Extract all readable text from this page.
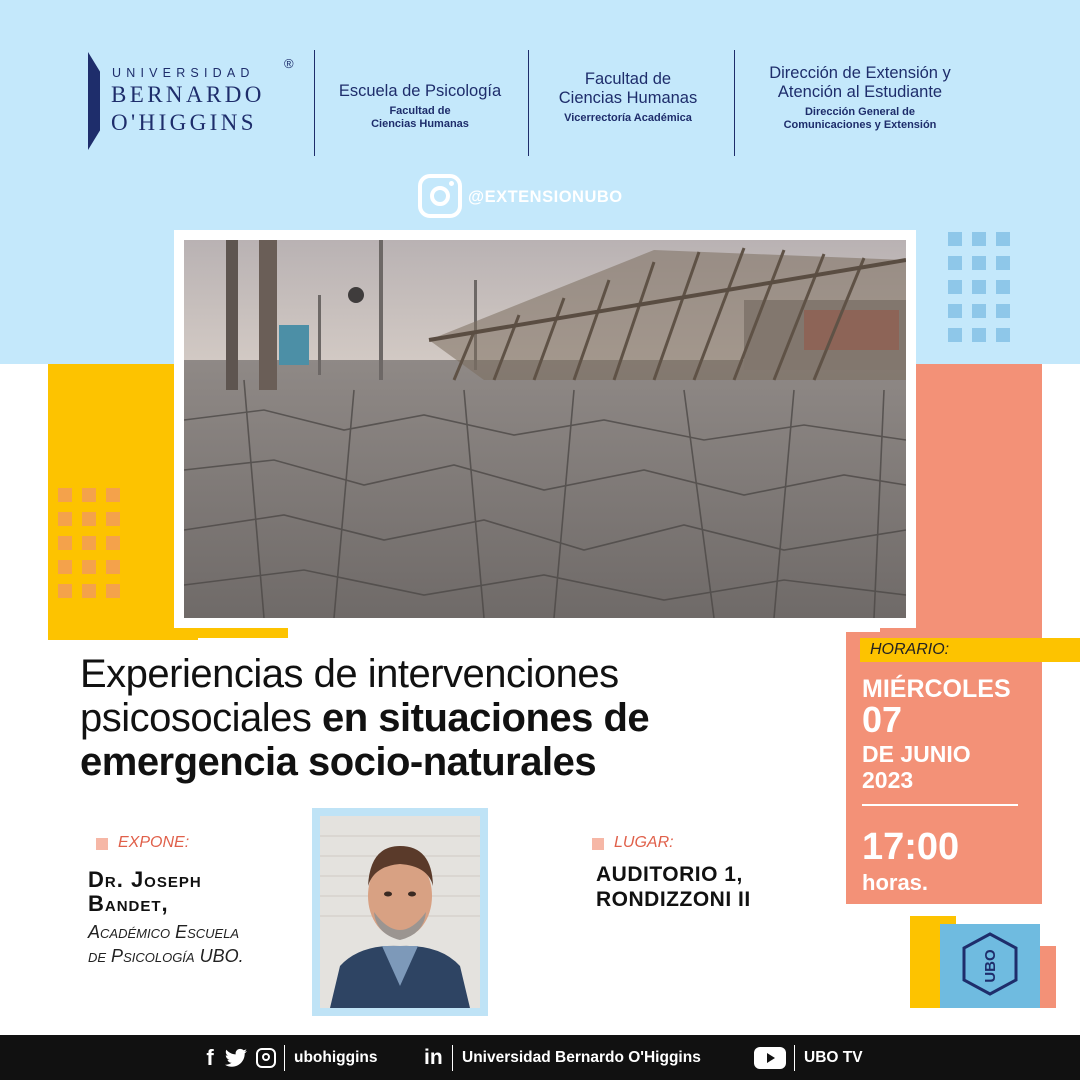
UNIVERSIDAD
BERNARDO
O'HIGGINS
®
Escuela de Psicología
Facultad de
Ciencias Humanas
Facultad de
Ciencias Humanas
Vicerrectoría Académica
Dirección de Extensión y
Atención al Estudiante
Dirección General de
Comunicaciones y Extensión
@EXTENSIONUBO
Experiencias de intervenciones
psicosociales en situaciones de
emergencia socio-naturales
HORARIO:
MIÉRCOLES
07
DE JUNIO
2023
17:00
horas.
EXPONE:
Dr. Joseph
Bandet,
Académico Escuela
de Psicología UBO.
LUGAR:
AUDITORIO 1,
RONDIZZONI II
UBO
f	ubohiggins in Universidad Bernardo O'Higgins	UBO TV
